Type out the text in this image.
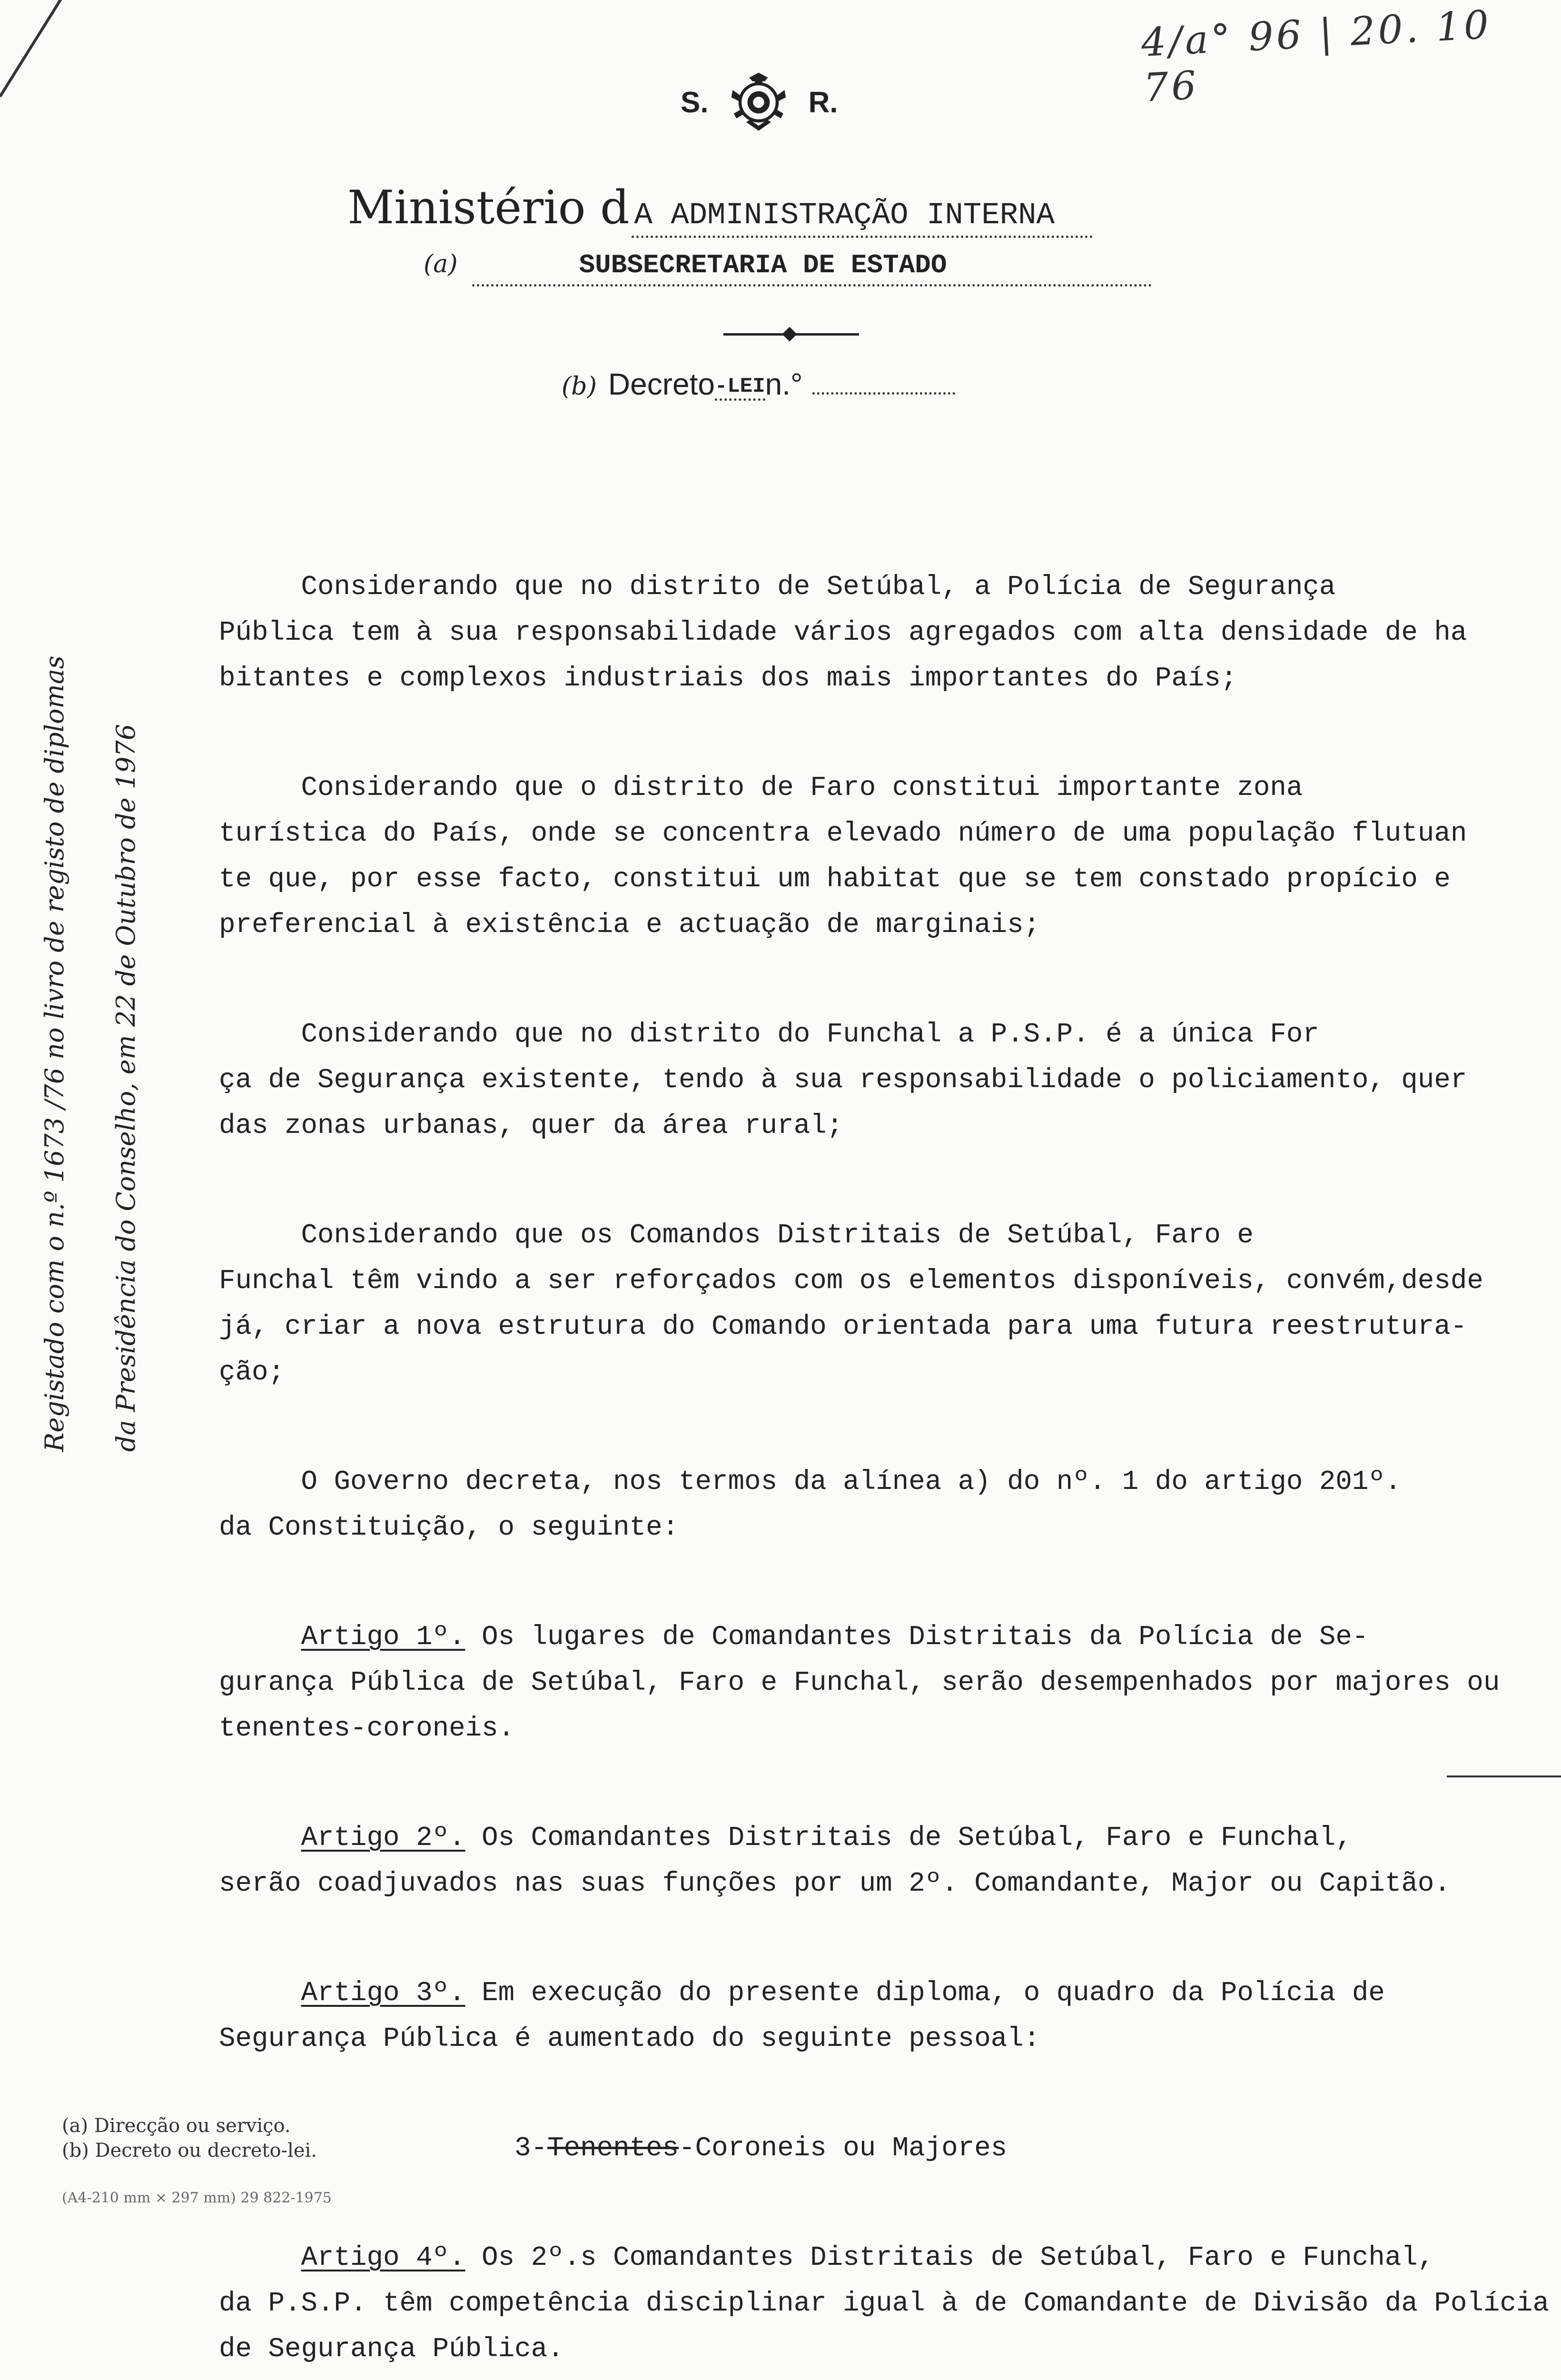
4/a° 96 | 20. 10 76
S.	R.
Ministério d A ADMINISTRAÇÃO INTERNA
(a)	SUBSECRETARIA DE ESTADO
(b) Decreto-LEIn.°

Considerando que no distrito de Setúbal, a Polícia de Segurança
Pública tem à sua responsabilidade vários agregados com alta densidade de ha
bitantes e complexos industriais dos mais importantes do País;

Considerando que o distrito de Faro constitui importante zona
turística do País, onde se concentra elevado número de uma população flutuan
te que, por esse facto, constitui um habitat que se tem constado propício e
preferencial à existência e actuação de marginais;

Considerando que no distrito do Funchal a P.S.P. é a única For
ça de Segurança existente, tendo à sua responsabilidade o policiamento, quer
das zonas urbanas, quer da área rural;

Considerando que os Comandos Distritais de Setúbal, Faro e
Funchal têm vindo a ser reforçados com os elementos disponíveis, convém,desde
já, criar a nova estrutura do Comando orientada para uma futura reestrutura-
ção;

O Governo decreta, nos termos da alínea a) do nº. 1 do artigo 201º.
da Constituição, o seguinte:

Artigo 1º. Os lugares de Comandantes Distritais da Polícia de Se-
gurança Pública de Setúbal, Faro e Funchal, serão desempenhados por majores ou
tenentes-coroneis.

Artigo 2º. Os Comandantes Distritais de Setúbal, Faro e Funchal,
serão coadjuvados nas suas funções por um 2º. Comandante, Major ou Capitão.

Artigo 3º. Em execução do presente diploma, o quadro da Polícia de
Segurança Pública é aumentado do seguinte pessoal:

3-Tenentes-Coroneis ou Majores

Artigo 4º. Os 2º.s Comandantes Distritais de Setúbal, Faro e Funchal,
da P.S.P. têm competência disciplinar igual à de Comandante de Divisão da Polícia
de Segurança Pública.

Registado com o n.º 1673 /76 no livro de registo de diplomas	da Presidência do Conselho, em 22 de Outubro de 1976
(a) Direcção ou serviço.
(b) Decreto ou decreto-lei.
(A4-210 mm × 297 mm) 29 822-1975
